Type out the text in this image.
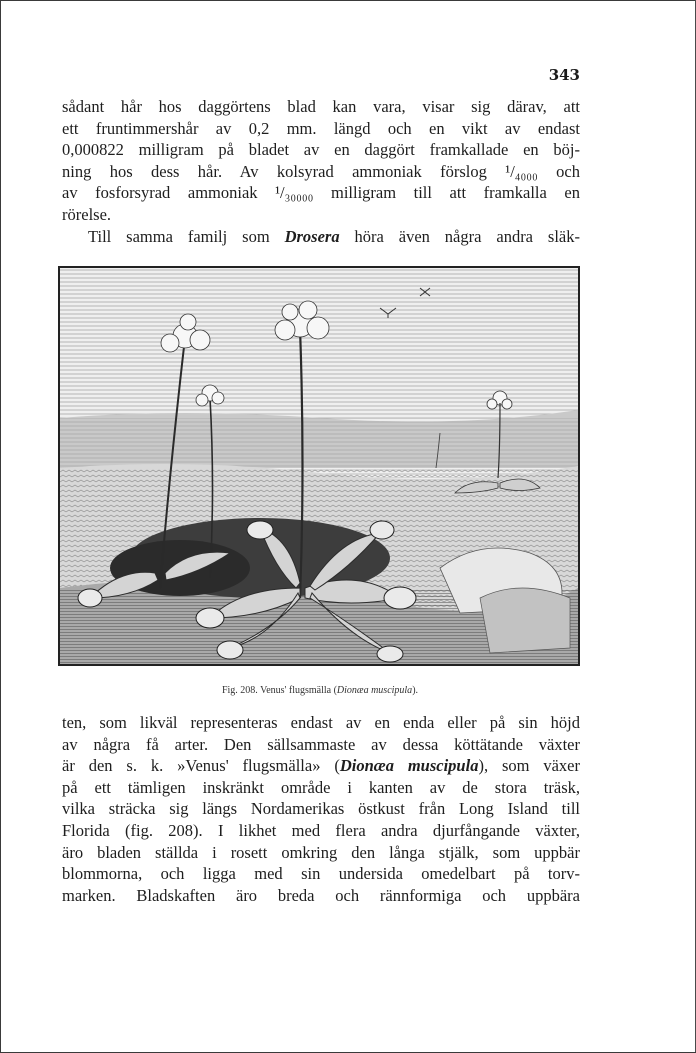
343
sådant hår hos daggörtens blad kan vara, visar sig därav, att
ett fruntimmershår av 0,2 mm. längd och en vikt av endast
0,000822 milligram på bladet av en daggört framkallade en böj-
ning hos dess hår. Av kolsyrad ammoniak förslog ¹/₄₀₀₀ och
av fosforsyrad ammoniak ¹/₃₀₀₀₀ milligram till att framkalla en
rörelse.
Till samma familj som Drosera höra även några andra släk-
Fig. 208. Venus' flugsmälla (Dionæa muscipula).
ten, som likväl representeras endast av en enda eller på sin höjd
av några få arter. Den sällsammaste av dessa köttätande växter
är den s. k. »Venus' flugsmälla» (Dionæa muscipula), som växer
på ett tämligen inskränkt område i kanten av de stora träsk,
vilka sträcka sig längs Nordamerikas östkust från Long Island till
Florida (fig. 208). I likhet med flera andra djurfångande växter,
äro bladen ställda i rosett omkring den långa stjälk, som uppbär
blommorna, och ligga med sin undersida omedelbart på torv-
marken. Bladskaften äro breda och rännformiga och uppbära
